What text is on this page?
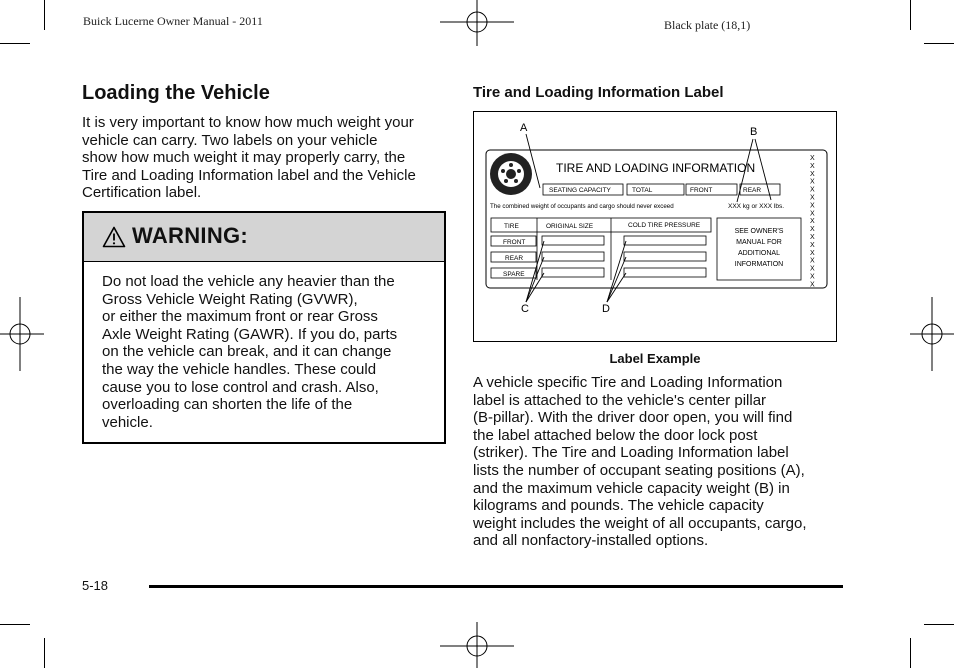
Buick Lucerne Owner Manual - 2011	Black plate (18,1)
Loading the Vehicle

It is very important to know how much weight your
vehicle can carry. Two labels on your vehicle
show how much weight it may properly carry, the
Tire and Loading Information label and the Vehicle
Certification label.

WARNING:

Do not load the vehicle any heavier than the
Gross Vehicle Weight Rating (GVWR),
or either the maximum front or rear Gross
Axle Weight Rating (GAWR). If you do, parts
on the vehicle can break, and it can change
the way the vehicle handles. These could
cause you to lose control and crash. Also,
overloading can shorten the life of the
vehicle.

Tire and Loading Information Label
TIRE AND LOADING INFORMATION
SEATING CAPACITY	TOTAL	FRONT	REAR
The combined weight of occupants and cargo should never exceed	XXX kg or XXX lbs.
TIRE	ORIGINAL SIZE	COLD TIRE PRESSURE
FRONT
REAR
SPARE
SEE OWNER'S
MANUAL FOR
ADDITIONAL
INFORMATION
X
X
X
X
X
X
X
X
X
X
X
X
X
X
X
X
X
A	B
C	D
Label Example

A vehicle specific Tire and Loading Information
label is attached to the vehicle's center pillar
(B-pillar). With the driver door open, you will find
the label attached below the door lock post
(striker). The Tire and Loading Information label
lists the number of occupant seating positions (A),
and the maximum vehicle capacity weight (B) in
kilograms and pounds. The vehicle capacity
weight includes the weight of all occupants, cargo,
and all nonfactory-installed options.

5-18
